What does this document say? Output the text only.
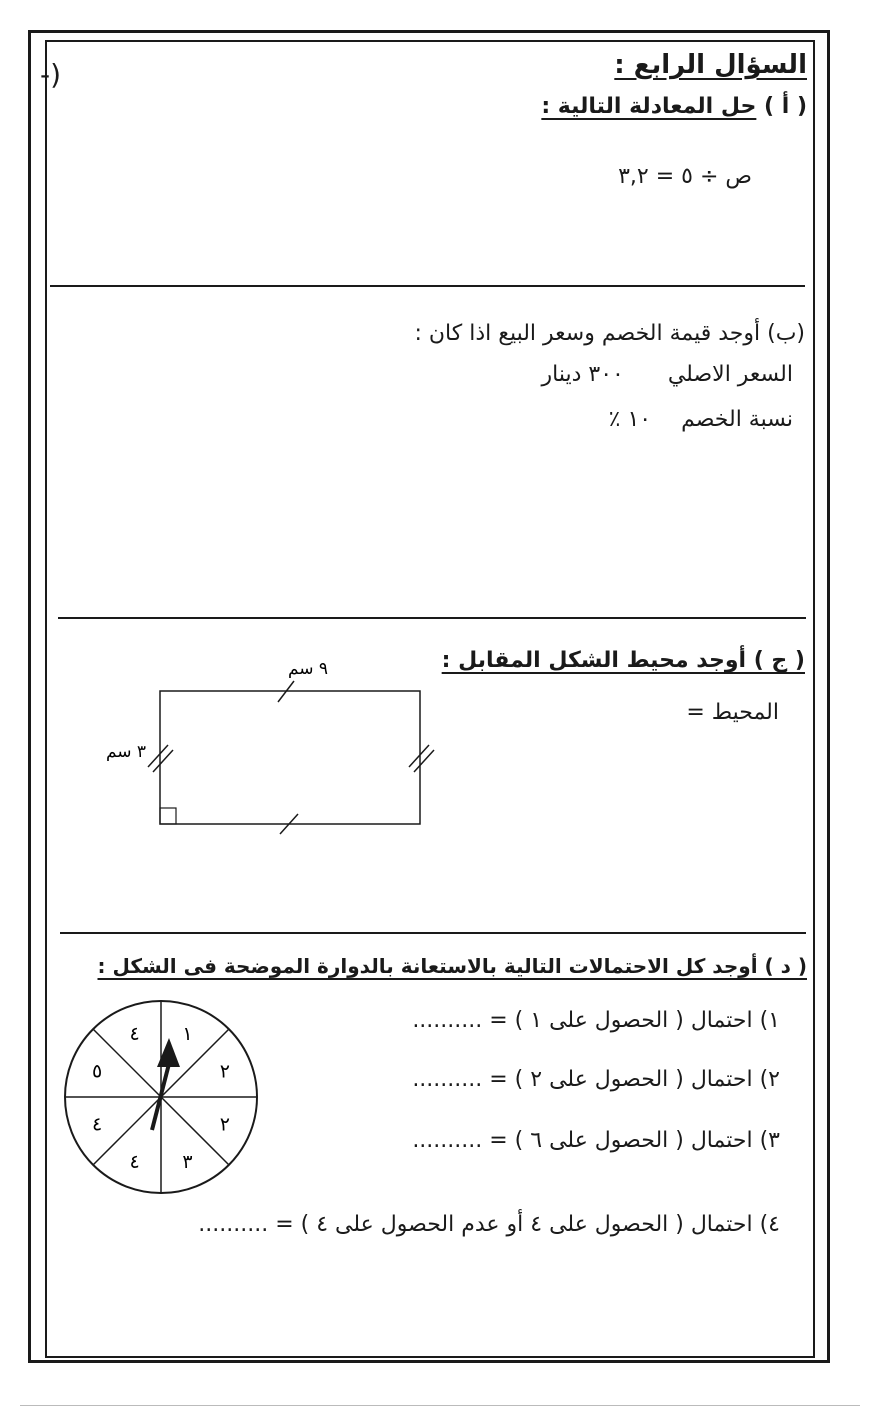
-)	السؤال الرابع :
( أ ) حل المعادلة التالية :
ص ÷ ٥ = ٣,٢
(ب) أوجد قيمة الخصم وسعر البيع اذا كان :
السعر الاصلي  ٣٠٠ دينار
نسبة الخصم  ١٠ ٪
( ج ) أوجد محيط الشكل المقابل :
المحيط =
٩ سم
٣ سم
( د ) أوجد كل الاحتمالات التالية بالاستعانة بالدوارة الموضحة فى الشكل :
١) احتمال ( الحصول على ١ ) = ..........
٢) احتمال ( الحصول على ٢ ) = ..........
٣) احتمال ( الحصول على ٦ ) = ..........
٤) احتمال ( الحصول على ٤ أو عدم الحصول على ٤ ) = ..........
١
٢
٢
٣
٤
٤
٥
٤
